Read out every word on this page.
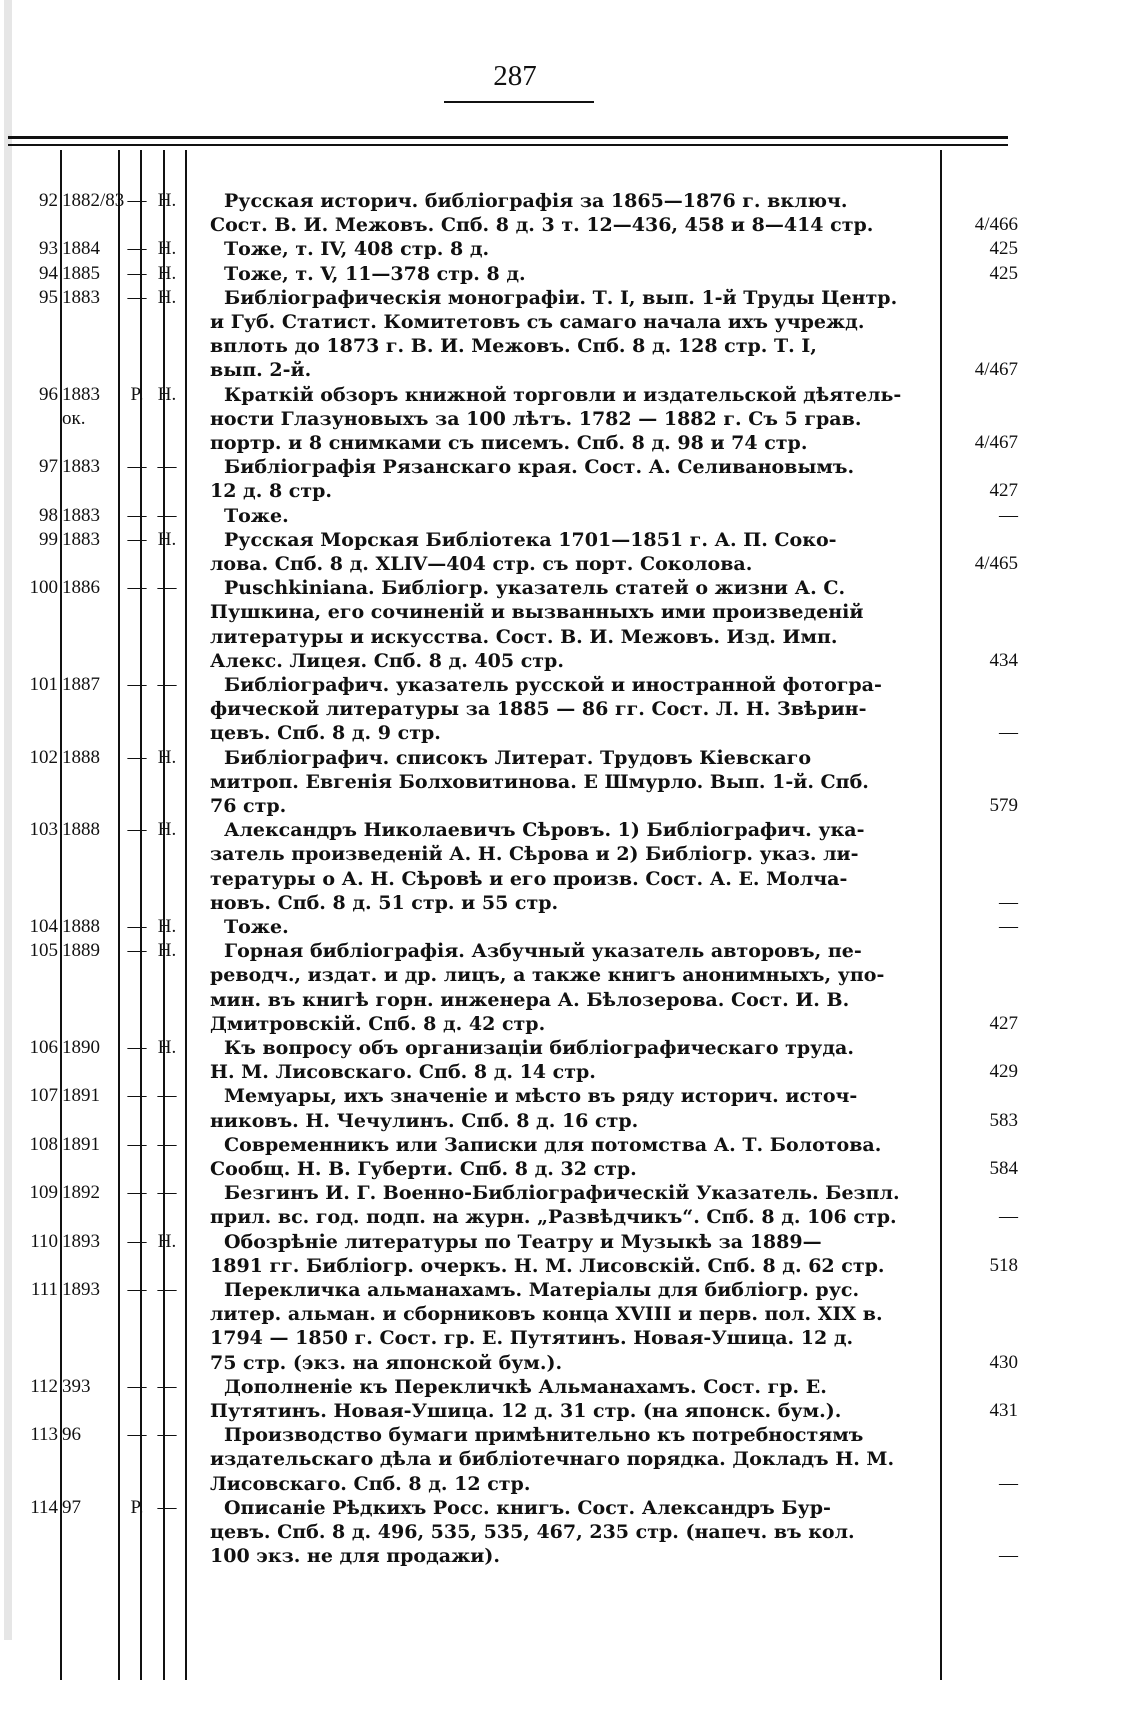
287
92 1882/83 — Н.	Русская историч. библіографія за 1865—1876 г. включ.
Сост. В. И. Межовъ. Спб. 8 д. 3 т. 12—436, 458 и 8—414 стр.	4/466
93 1884	— Н.	Тоже, т. IV, 408 стр. 8 д.	425
94 1885	— Н.	Тоже, т. V, 11—378 стр. 8 д.	425
95 1883	— Н.	Библіографическія монографіи. Т. I, вып. 1-й Труды Центр.
и Губ. Статист. Комитетовъ съ самаго начала ихъ учрежд.
вплоть до 1873 г. В. И. Межовъ. Спб. 8 д. 128 стр. Т. I,
вып. 2-й.	4/467
96 1883	Р. Н.	Краткій обзоръ книжной торговли и издательской дѣятель-
ок.	ности Глазуновыхъ за 100 лѣтъ. 1782 — 1882 г. Съ 5 грав.
портр. и 8 снимками съ писемъ. Спб. 8 д. 98 и 74 стр.	4/467
97 1883	— —	Библіографія Рязанскаго края. Сост. А. Селивановымъ.
12 д. 8 стр.	427
98 1883	— —	Тоже.	—
99 1883	— Н.	Русская Морская Библіотека 1701—1851 г. А. П. Соко-
лова. Спб. 8 д. XLIV—404 стр. съ порт. Соколова.	4/465
100 1886	— —	Puschkiniana. Библіогр. указатель статей о жизни А. С.
Пушкина, его сочиненій и вызванныхъ ими произведеній
литературы и искусства. Сост. В. И. Межовъ. Изд. Имп.
Алекс. Лицея. Спб. 8 д. 405 стр.	434
101 1887	— —	Библіографич. указатель русской и иностранной фотогра-
фической литературы за 1885 — 86 гг. Сост. Л. Н. Звѣрин-
цевъ. Спб. 8 д. 9 стр.	—
102 1888	— Н.	Библіографич. списокъ Литерат. Трудовъ Кіевскаго
митроп. Евгенія Болховитинова. Е Шмурло. Вып. 1-й. Спб.
76 стр.	579
103 1888	— Н.	Александръ Николаевичъ Сѣровъ. 1) Библіографич. ука-
затель произведеній А. Н. Сѣрова и 2) Библіогр. указ. ли-
тературы о А. Н. Сѣровѣ и его произв. Сост. А. Е. Молча-
новъ. Спб. 8 д. 51 стр. и 55 стр.	—
104 1888	— Н.	Тоже.	—
105 1889	— Н.	Горная библіографія. Азбучный указатель авторовъ, пе-
реводч., издат. и др. лицъ, а также книгъ анонимныхъ, упо-
мин. въ книгѣ горн. инженера А. Бѣлозерова. Сост. И. В.
Дмитровскій. Спб. 8 д. 42 стр.	427
106 1890	— Н.	Къ вопросу объ организаціи библіографическаго труда.
Н. М. Лисовскаго. Спб. 8 д. 14 стр.	429
107 1891	— —	Мемуары, ихъ значеніе и мѣсто въ ряду историч. источ-
никовъ. Н. Чечулинъ. Спб. 8 д. 16 стр.	583
108 1891	— —	Современникъ или Записки для потомства А. Т. Болотова.
Сообщ. Н. В. Губерти. Спб. 8 д. 32 стр.	584
109 1892	— —	Безгинъ И. Г. Военно-Библіографическій Указатель. Безпл.
прил. вс. год. подп. на журн. „Развѣдчикъ“. Спб. 8 д. 106 стр.	—
110 1893	— Н.	Обозрѣніе литературы по Театру и Музыкѣ за 1889—
1891 гг. Библіогр. очеркъ. Н. М. Лисовскій. Спб. 8 д. 62 стр.	518
111 1893	— —	Перекличка альманахамъ. Матеріалы для библіогр. рус.
литер. альман. и сборниковъ конца XVIII и перв. пол. XIX в.
1794 — 1850 г. Сост. гр. Е. Путятинъ. Новая-Ушица. 12 д.
75 стр. (экз. на японской бум.).	430
112 393	— —	Дополненіе къ Перекличкѣ Альманахамъ. Сост. гр. Е.
Путятинъ. Новая-Ушица. 12 д. 31 стр. (на японск. бум.).	431
113 96	— —	Производство бумаги примѣнительно къ потребностямъ
издательскаго дѣла и библіотечнаго порядка. Докладъ Н. М.
Лисовскаго. Спб. 8 д. 12 стр.	—
114 97	Р. —	Описаніе Рѣдкихъ Росс. книгъ. Сост. Александръ Бур-
цевъ. Спб. 8 д. 496, 535, 535, 467, 235 стр. (напеч. въ кол.
100 экз. не для продажи).	—
